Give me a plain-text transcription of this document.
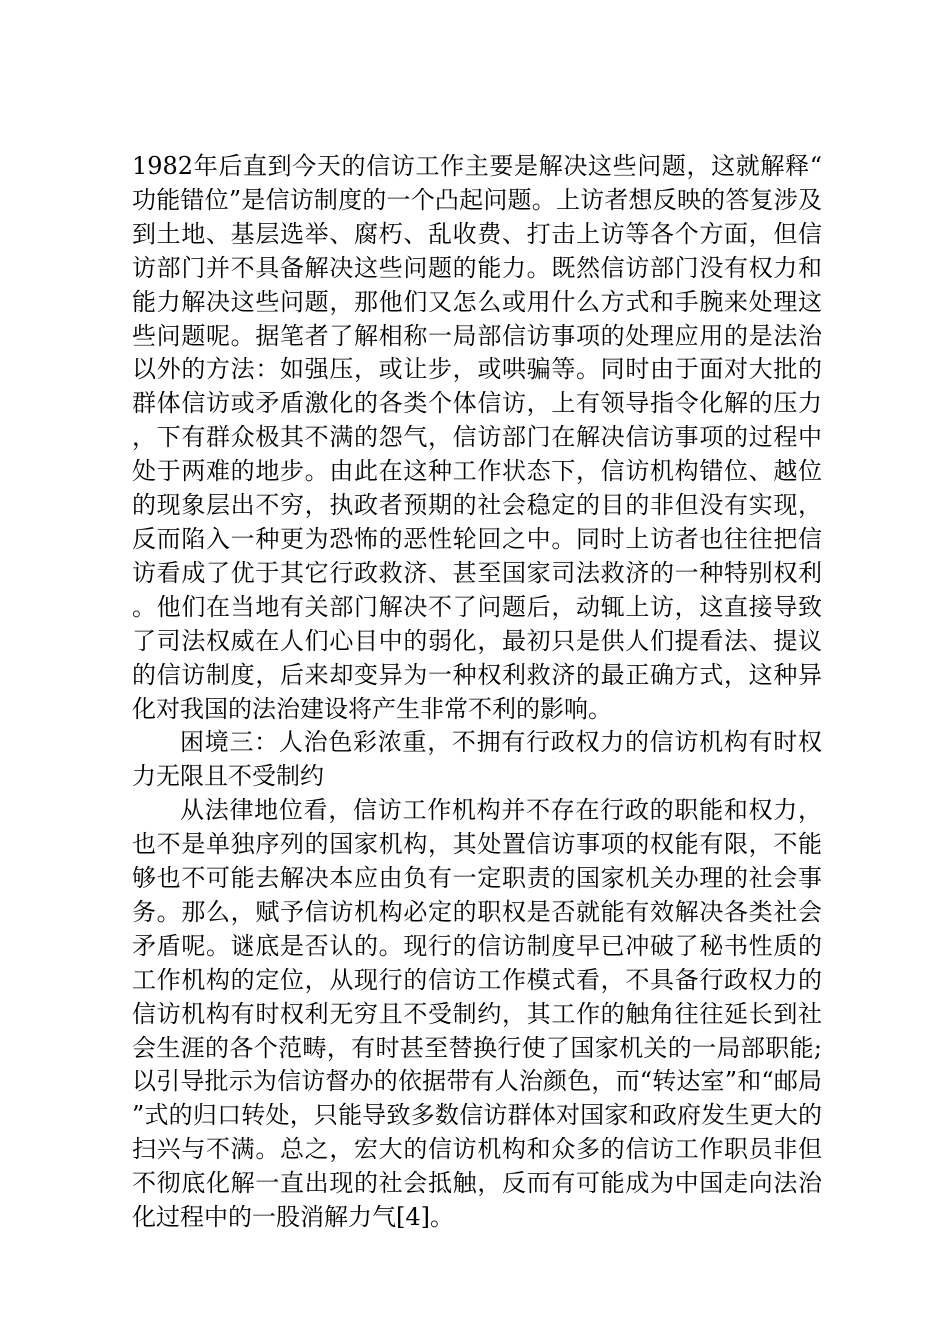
1982年后直到今天的信访工作主要是解决这些问题，这就解释“功能错位”是信访制度的一个凸起问题。上访者想反映的答复涉及到土地、基层选举、腐朽、乱收费、打击上访等各个方面，但信访部门并不具备解决这些问题的能力。既然信访部门没有权力和能力解决这些问题，那他们又怎么或用什么方式和手腕来处理这些问题呢。据笔者了解相称一局部信访事项的处理应用的是法治以外的方法：如强压，或让步，或哄骗等。同时由于面对大批的群体信访或矛盾激化的各类个体信访，上有领导指令化解的压力，下有群众极其不满的怨气，信访部门在解决信访事项的过程中处于两难的地步。由此在这种工作状态下，信访机构错位、越位的现象层出不穷，执政者预期的社会稳定的目的非但没有实现，反而陷入一种更为恐怖的恶性轮回之中。同时上访者也往往把信访看成了优于其它行政救济、甚至国家司法救济的一种特别权利。他们在当地有关部门解决不了问题后，动辄上访，这直接导致了司法权威在人们心目中的弱化，最初只是供人们提看法、提议的信访制度，后来却变异为一种权利救济的最正确方式，这种异化对我国的法治建设将产生非常不利的影响。

困境三：人治色彩浓重，不拥有行政权力的信访机构有时权力无限且不受制约

从法律地位看，信访工作机构并不存在行政的职能和权力，也不是单独序列的国家机构，其处置信访事项的权能有限，不能够也不可能去解决本应由负有一定职责的国家机关办理的社会事务。那么，赋予信访机构必定的职权是否就能有效解决各类社会矛盾呢。谜底是否认的。现行的信访制度早已冲破了秘书性质的工作机构的定位，从现行的信访工作模式看，不具备行政权力的信访机构有时权利无穷且不受制约，其工作的触角往往延长到社会生涯的各个范畴，有时甚至替换行使了国家机关的一局部职能;以引导批示为信访督办的依据带有人治颜色，而“转达室”和“邮局”式的归口转处，只能导致多数信访群体对国家和政府发生更大的扫兴与不满。总之，宏大的信访机构和众多的信访工作职员非但不彻底化解一直出现的社会抵触，反而有可能成为中国走向法治化过程中的一股消解力气[4]。
